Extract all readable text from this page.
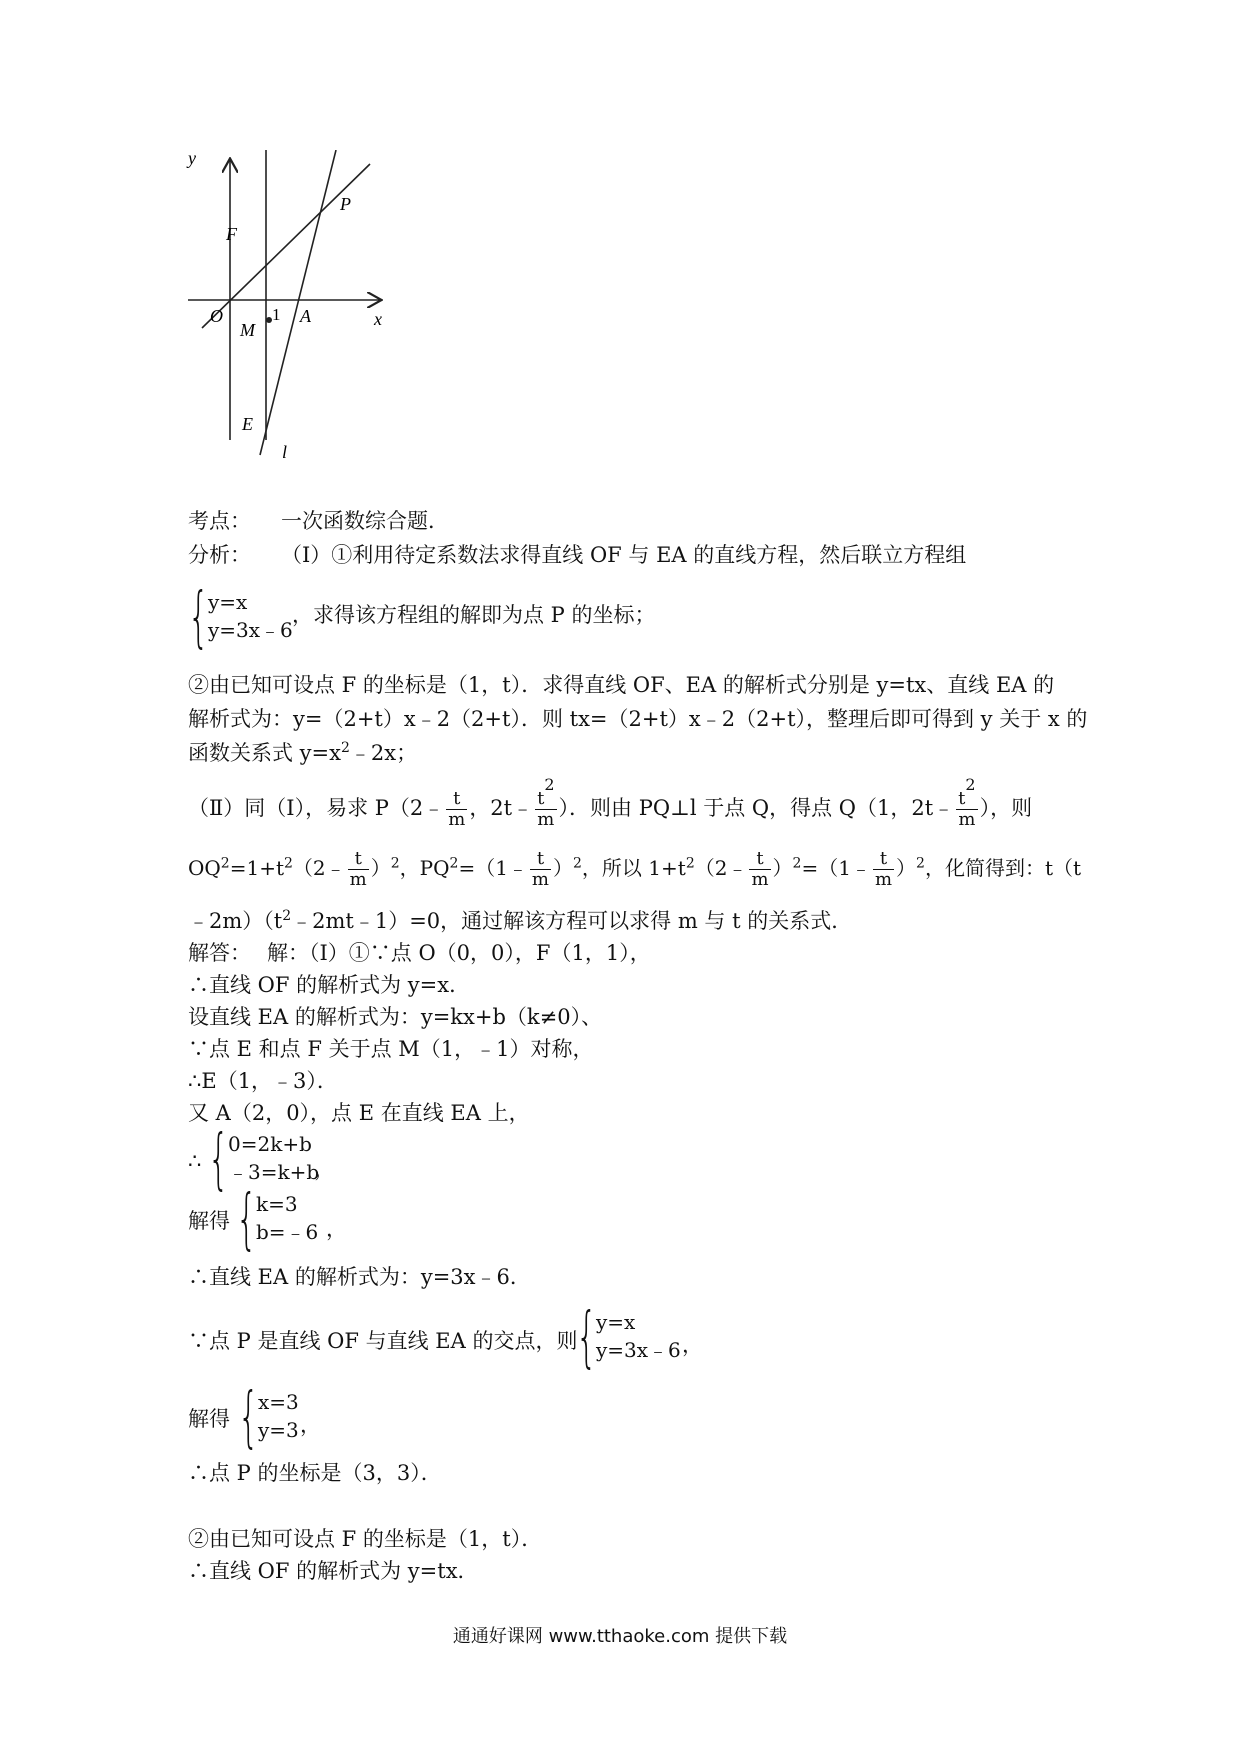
y
x
O	1
F
P
A
M
E
l
考点： 一次函数综合题．
分析： （Ⅰ）①利用待定系数法求得直线 OF 与 EA 的直线方程，然后联立方程组
{ y=x
y=3x﹣6
，求得该方程组的解即为点 P 的坐标；
②由已知可设点 F 的坐标是（1，t）．求得直线 OF、EA 的解析式分别是 y=tx、直线 EA 的
解析式为：y=（2+t）x﹣2（2+t）．则 tx=（2+t）x﹣2（2+t），整理后即可得到 y 关于 x 的
函数关系式 $y=x^2﹣2x$；
（Ⅱ）同（Ⅰ），易求 P（2﹣ $\frac{t}{m}$ ，2t﹣ $\frac{t2}{m}$ ）．则由 PQ⊥l 于点 Q，得点 Q（1，2t﹣ $\frac{t2}{m}$ ），则
$OQ^2=1+t^2(2﹣ \frac{t}{m} )^2$，$PQ^2=(1﹣ \frac{t}{m} )^2$，所以 $1+t^2(2﹣ \frac{t}{m}$ ）$^2$=（1﹣ $\frac{t}{m} )^2$，化简得到：t（t
$﹣2m)(t^2﹣2mt﹣1)=0$，通过解该方程可以求得 m 与 t 的关系式．
解答： 解：（Ⅰ）①∵点 O（0，0），F（1，1），
∴直线 OF 的解析式为 y=x．
设直线 EA 的解析式为：y=kx+b（k≠0）、
∵点 E 和点 F 关于点 M（1，﹣1）对称，
∴E（1，﹣3）．
又 A（2，0），点 E 在直线 EA 上，
∴ { 0=2k+b
﹣3=k+b
，
解得 { k=3
b=﹣6 ，
∴直线 EA 的解析式为：y=3x﹣6．
∵点 P 是直线 OF 与直线 EA 的交点，则
{ y=x
y=3x﹣6 ，
解得 { x=3
y=3 ，
∴点 P 的坐标是（3，3）．
②由已知可设点 F 的坐标是（1，t）．
∴直线 OF 的解析式为 y=tx．
通通好课网 www.tthaoke.com 提供下载
